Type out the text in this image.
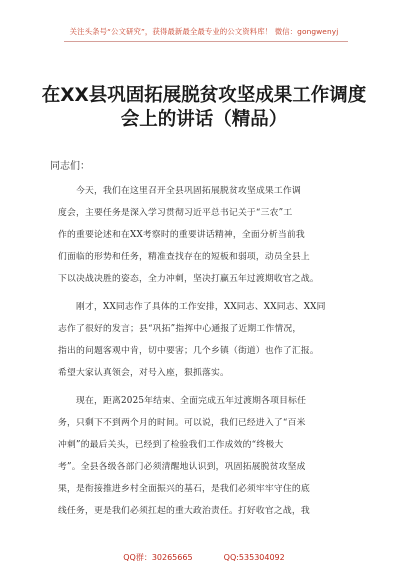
关注头条号“公文研究”，获得最新最全最专业的公文资料库！ 微信：gongwenyj
在XX县巩固拓展脱贫攻坚成果工作调度
会上的讲话（精品）
同志们：
今天，我们在这里召开全县巩固拓展脱贫攻坚成果工作调
度会，主要任务是深入学习贯彻习近平总书记关于“三农”工
作的重要论述和在XX考察时的重要讲话精神，全面分析当前我
们面临的形势和任务，精准查找存在的短板和弱项，动员全县上
下以决战决胜的姿态，全力冲刺，坚决打赢五年过渡期收官之战。
刚才，XX同志作了具体的工作安排，XX同志、XX同志、XX同
志作了很好的发言；县“巩拓”指挥中心通报了近期工作情况，
指出的问题客观中肯，切中要害；几个乡镇（街道）也作了汇报。
希望大家认真领会，对号入座，狠抓落实。
现在，距离2025年结束、全面完成五年过渡期各项目标任
务，只剩下不到两个月的时间。可以说，我们已经进入了“百米
冲刺”的最后关头，已经到了检验我们工作成效的“终极大
考”。全县各级各部门必须清醒地认识到，巩固拓展脱贫攻坚成
果，是衔接推进乡村全面振兴的基石，是我们必须牢牢守住的底
线任务，更是我们必须扛起的重大政治责任。打好收官之战，我
QQ群：30265665	QQ:535304092
